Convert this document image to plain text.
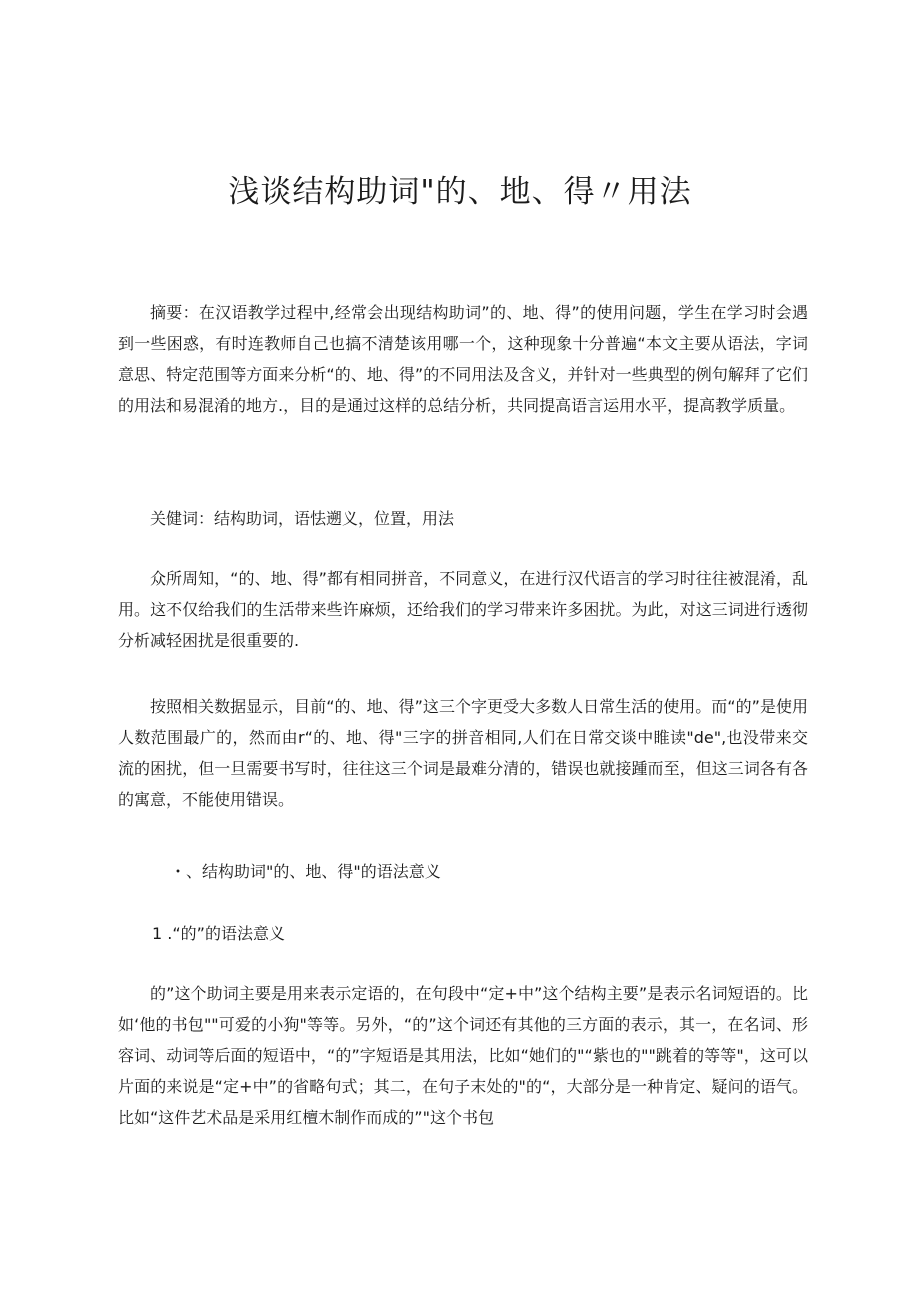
浅谈结构助词"的、地、得〃用法

摘要：在汉语教学过程中,经常会出现结构助词”的、地、得”的使用问题，学生在学习时会遇到一些困惑，有时连教师自己也搞不清楚该用哪一个，这种现象十分普遍“本文主要从语法，字词意思、特定范围等方面来分析“的、地、得”的不同用法及含义，并针对一些典型的例句解拜了它们的用法和易混淆的地方.，目的是通过这样的总结分析，共同提高语言运用水平，提高教学质量。

关健词：结构助词，语怯遡义，位置，用法

众所周知，“的、地、得”都有相同拼音，不同意义，在进行汉代语言的学习时往往被混淆，乱用。这不仅给我们的生活带来些许麻烦，还给我们的学习带来许多困扰。为此，对这三词进行透彻分析减轻困扰是很重要的.

按照相关数据显示，目前“的、地、得”这三个字更受大多数人日常生活的使用。而“的”是使用人数范围最广的，然而由r“的、地、得"三字的拼音相同,人们在日常交谈中睢读"de",也没带来交流的困扰，但一旦需要书写时，往往这三个词是最难分清的，错误也就接踵而至，但这三词各有各的寓意，不能使用错误。

・、结构助词"的、地、得"的语法意义
1 .“的”的语法意义

的”这个助词主要是用来表示定语的，在句段中“定+中”这个结构主要”是表示名词短语的。比如‘他的书包""可爱的小狗"等等。另外，“的”这个词还有其他的三方面的表示，其一，在名词、形容词、动词等后面的短语中，“的”字短语是其用法，比如“她们的"“紫也的""跳着的等等"，这可以片面的来说是“定+中”的省略句式；其二，在句子末处的"的“，大部分是一种肯定、疑问的语气。比如“这件艺术品是采用红檀木制作而成的”"这个书包
